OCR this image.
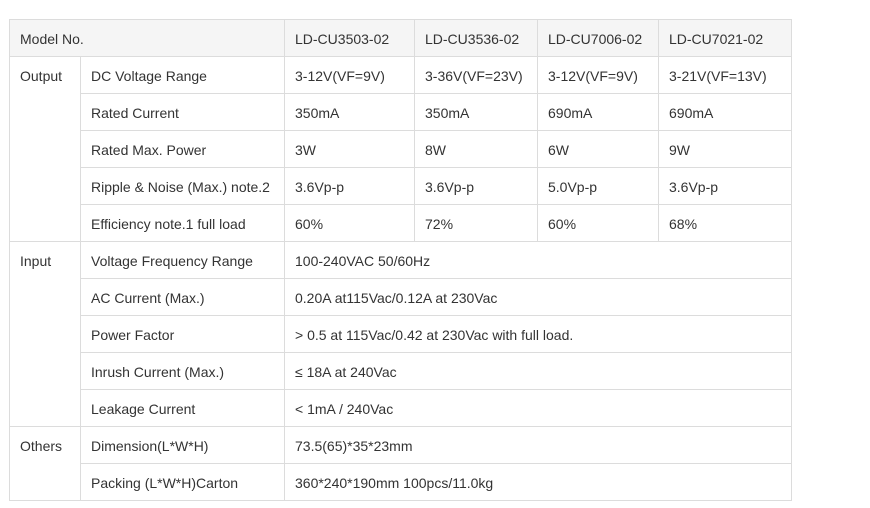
Model No.		LD-CU3503-02	LD-CU3536-02	LD-CU7006-02	LD-CU7021-02
Output	DC Voltage Range	3-12V(VF=9V)	3-36V(VF=23V)	3-12V(VF=9V)	3-21V(VF=13V)
	Rated Current	350mA	350mA	690mA	690mA
	Rated Max. Power	3W	8W	6W	9W
	Ripple & Noise (Max.) note.2	3.6Vp-p	3.6Vp-p	5.0Vp-p	3.6Vp-p
	Efficiency note.1 full load	60%	72%	60%	68%
Input	Voltage Frequency Range	100-240VAC 50/60Hz			
	AC Current (Max.)	0.20A at115Vac/0.12A at 230Vac			
	Power Factor	> 0.5 at 115Vac/0.42 at 230Vac with full load.			
	Inrush Current (Max.)	≤ 18A at 240Vac			
	Leakage Current	< 1mA / 240Vac			
Others	Dimension(L*W*H)	73.5(65)*35*23mm			
	Packing (L*W*H)Carton	360*240*190mm 100pcs/11.0kg			
